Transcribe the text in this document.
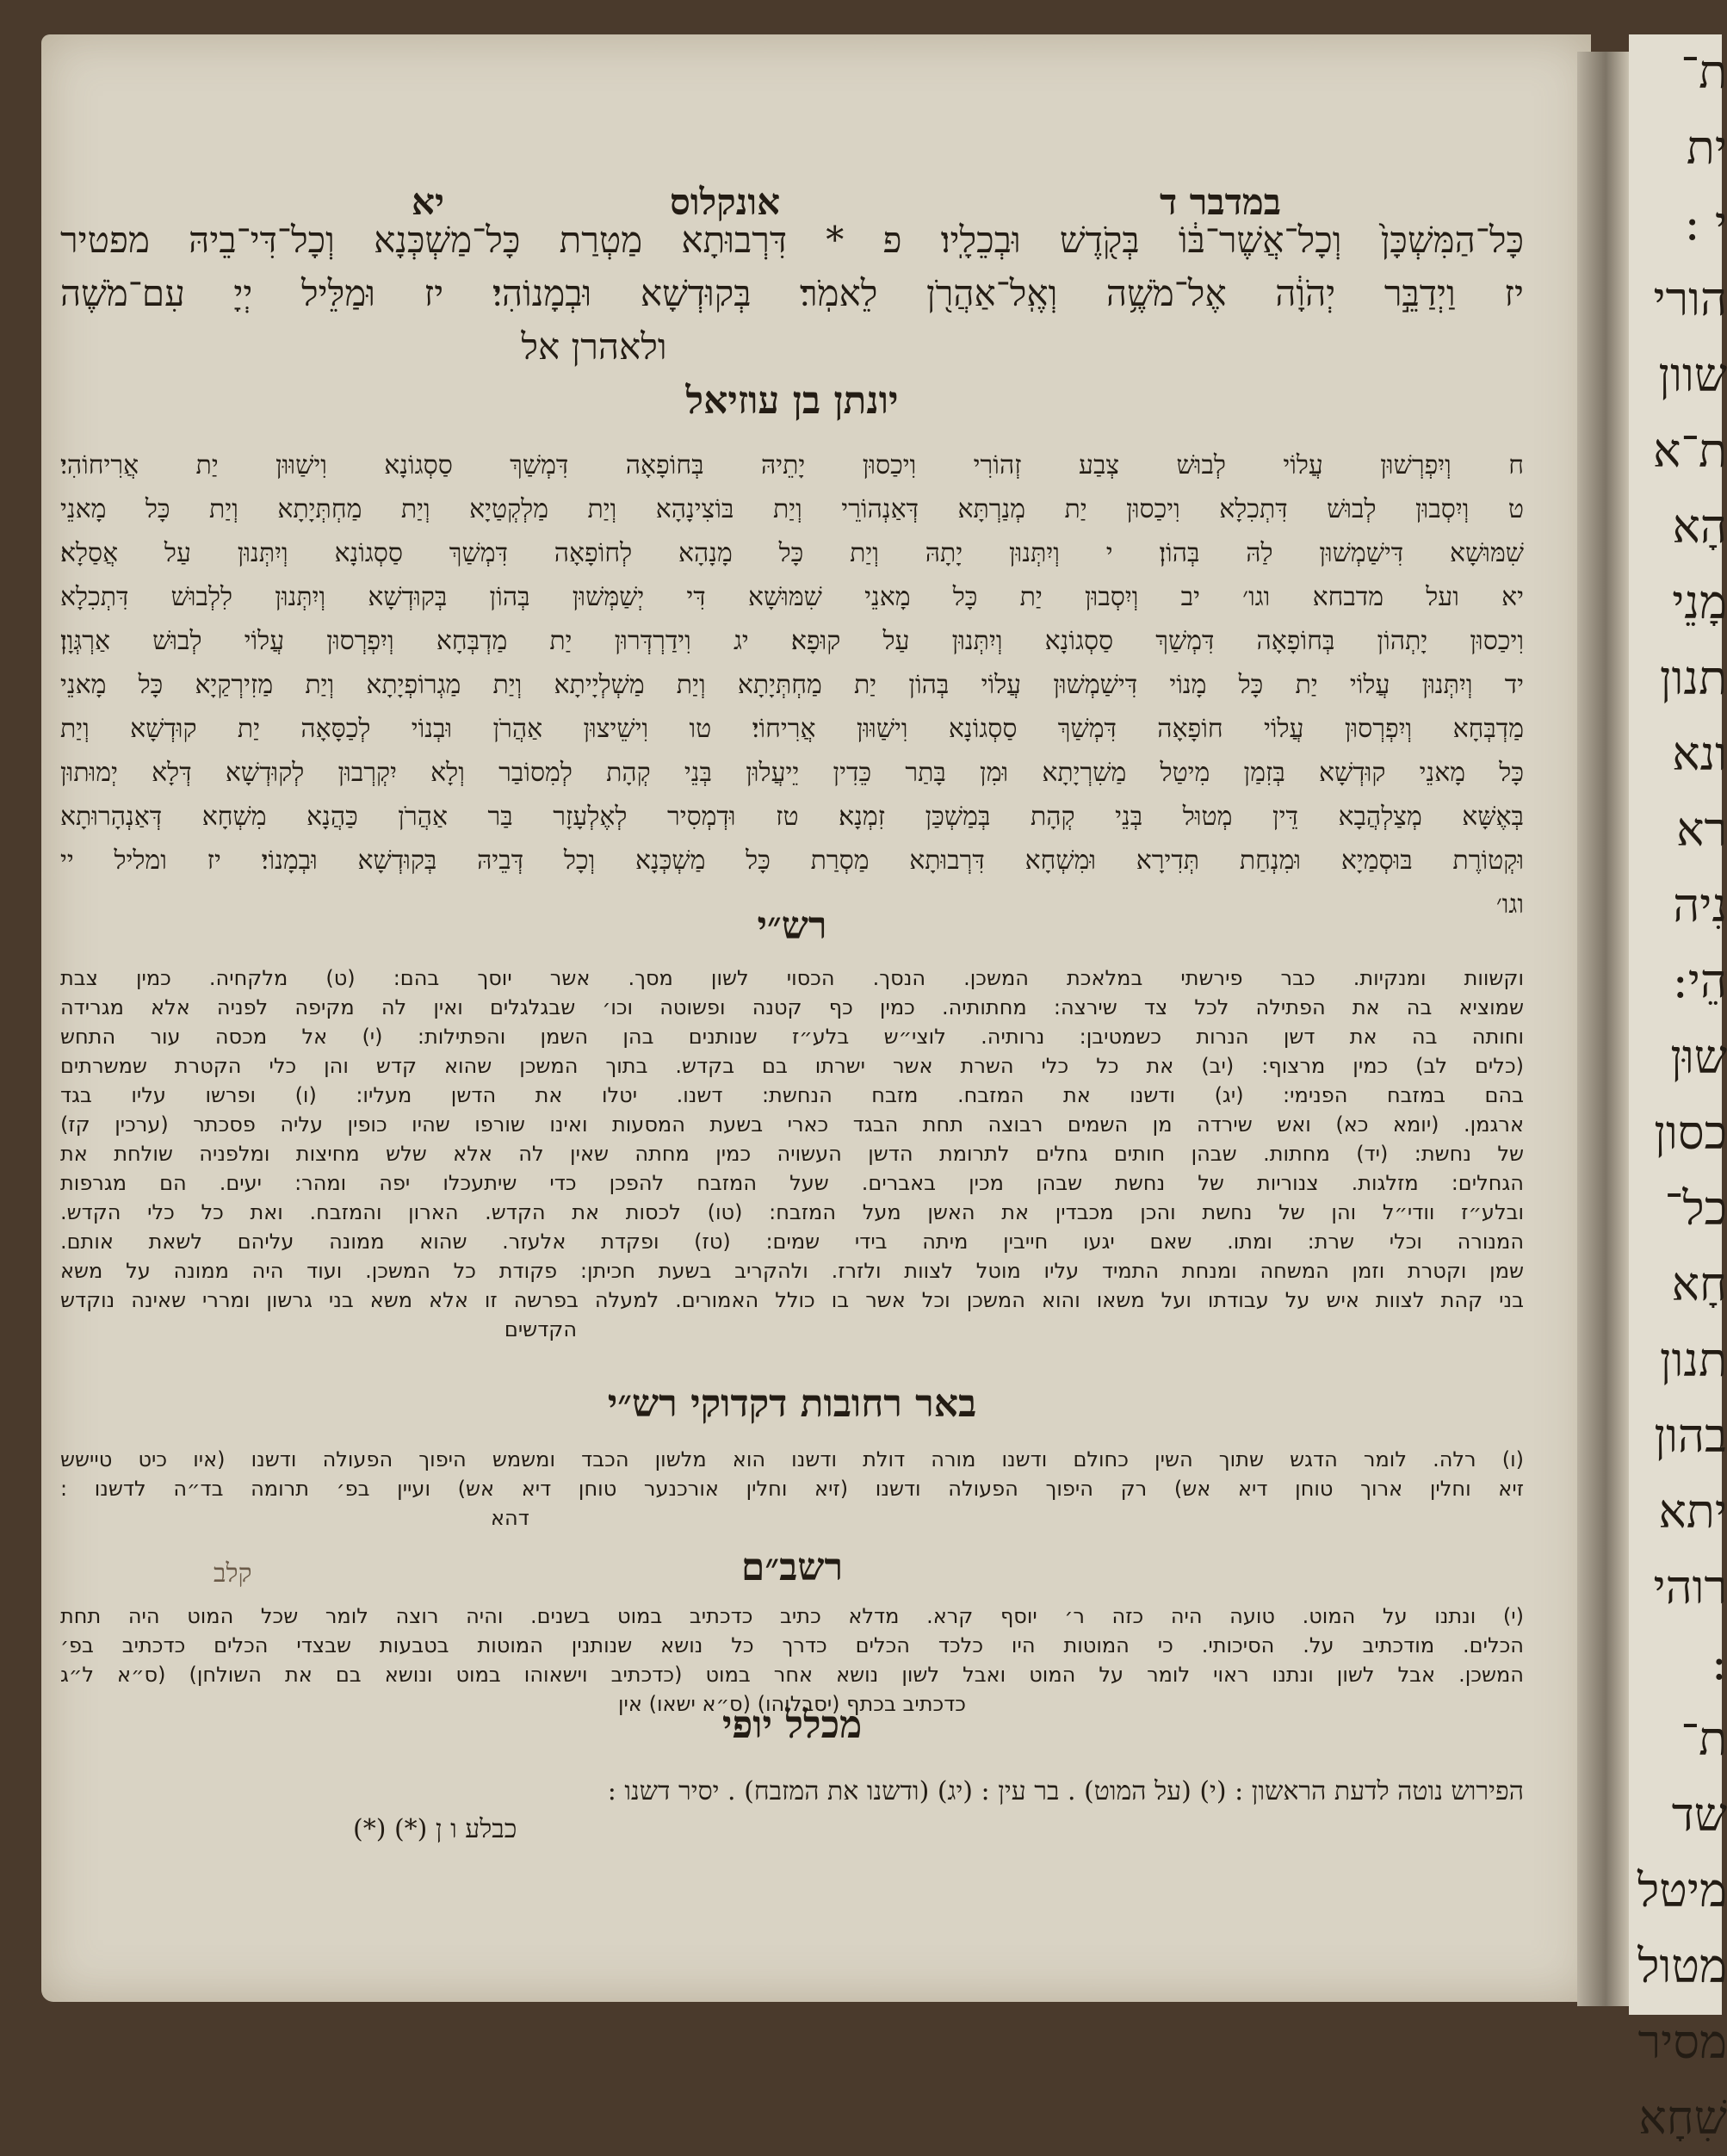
במדבר ד
אונקלוס
יא
ת־
ית
י :
הורי
שוון
ת־א
הָא
מָנֵי
תנון
ונא
רא
נִיה
הֵי:
שוּן
כסון
כל־
חָא
תנון
בהון
יתא
רוהי
:
ת־
שד
מיטל
מטול
מסיר
שִׁחָא
כָּל־הַמִּשְׁכָּן֙ וְכָל־אֲשֶׁר־בּ֔וֹ בְּקֹ֖דֶשׁ וּבְכֵלָֽיו׃ פ * דִּרְבוּתָא מַטְרַת כָּל־מַשְׁכְּנָא וְכָל־דִּי־בֵיהּ מפטיר
יז וַיְדַבֵּ֣ר יְהֹוָ֔ה אֶל־מֹשֶׁ֥ה וְאֶֽל־אַהֲרֹ֖ן לֵאמֹֽר׃ בְּקוּדְשָׁא וּבְמָנוֹהִי׃ יז וּמַלֵּיל יְיָ עִם־מֹשֶׁה
ולאהרן אל
יונתן בן עוזיאל
ח וְיִפְרְשׁוּן עֲלוֹי לְבוּשׁ צְבַע זְהוֹרִי וִיכַסוּן יָתֵיהּ בְּחוֹפָאָה דִּמְשַׁךְ סַסְגוֹנָא וִישַׁוּוּן יַת אֲרִיחוֹהִי׃
ט וְיִסְבוּן לְבוּשׁ דִּתְכִלָא וִיכַסוּן יַת מְנַרְתָּא דְּאַנְהוֹרֵי וְיַת בּוֹצִינָהָא וְיַת מַלְקְטַיָא וְיַת מַחְתְּיָתָא וְיַת כָּל מָאנֵי
שִׁמּוּשָׁא דִּישַׁמְשׁוּן לַהּ בְּהוֹן׃ י וְיִתְּנוּן יָתָהּ וְיַת כָּל מָנָהָא לְחוֹפָאָה דִּמְשַׁךְ סַסְגוֹנָא וְיִתְּנוּן עַל אֲסַלָא׃
יא ועל מדבחא וגו׳ יב וְיִסְבוּן יַת כָּל מָאנֵי שִׁמּוּשָׁא דִּי יְשַׁמְּשׁוּן בְּהוֹן בְּקוּדְשָׁא וְיִתְּנוּן לִלְבוּשׁ דִּתְכִלָא
וִיכַסוּן יָתְהוֹן בְּחוֹפָאָה דִּמְשַׁךְ סַסְגוֹנָא וְיִתְּנוּן עַל קוּפָא׃ יג וִידַרְדְּרוּן יַת מַדְבְּחָא וְיִפְרְסוּן עֲלוֹי לְבוּשׁ אַרְגְּוָן׃
יד וְיִתְּנוּן עֲלוֹי יַת כָּל מָנוֹי דִּישַׁמְשׁוּן עֲלוֹי בְּהוֹן יַת מַחְתְּיָתָא וְיַת מַשְׁלְיָיתָא וְיַת מַגְרוֹפְיָתָא וְיַת מַזִירְקַיָא כָּל מָאנֵי
מַדְבְּחָא וְיִפְרְסוּן עֲלוֹי חוֹפָאָה דִּמְשַׁךְ סַסְגוֹנָא וִישַׁוּוּן אֲרִיחוֹי׃ טו וִישֵׁיצוּן אַהֲרֹן וּבְנוֹי לְכַסָּאָה יַת קוּדְשָׁא וְיַת
כָּל מָאנֵי קוּדְשָׁא בְּזִמַן מִיטַל מַשִׁרְיָתָא וּמִן בָּתַר כֵּדִין יֵיעֲלוּן בְּנֵי קְהָת לְמִסוֹבַר וְלָא יִקְרְבוּן לְקוּדְשָׁא דְּלָא יְמוּתוּן
בְּאֶשָּׁא מְצַלְהֲבָא דֵּין מְטוּל בְּנֵי קְהָת בְּמַשְׁכַּן זִמְנָא׃ טז וּדְמְסִיר לְאֶלְעָזָר בַּר אַהֲרֹן כַּהֲנָא מִשְׁחָא דְּאַנְהָרוּתָא
וּקְטוֹרֶת בּוּסְמַיָא וּמִנְחַת תְּדִירָא וּמִשְׁחָא דִּרְבוּתָא מַסְרַת כָּל מַשְׁכְּנָא וְכָל דְּבֵיהּ בְּקוּדְשָׁא וּבְמָנוֹי׃ יז ומליל יי
וגו׳
רש״י
וקשוות ומנקיות. כבר פירשתי במלאכת המשכן. הנסך. הכסוי לשון מסך. אשר יוסך בהם: (ט) מלקחיה. כמין צבת
שמוציא בה את הפתילה לכל צד שירצה: מחתותיה. כמין כף קטנה ופשוטה וכו׳ שבגלגלים ואין לה מקיפה לפניה אלא מגרידה
וחותה בה את דשן הנרות כשמטיבן: נרותיה. לוצי״ש בלע״ז שנותנים בהן השמן והפתילות: (י) אל מכסה עור התחש
(כלים לב) כמין מרצוף: (יב) את כל כלי השרת אשר ישרתו בם בקדש. בתוך המשכן שהוא קדש והן כלי הקטרת שמשרתים
בהם במזבח הפנימי: (יג) ודשנו את המזבח. מזבח הנחשת: דשנו. יטלו את הדשן מעליו: (ו) ופרשו עליו בגד
ארגמן. (יומא כא) ואש שירדה מן השמים רבוצה תחת הבגד כארי בשעת המסעות ואינו שורפו שהיו כופין עליה פסכתר (ערכין קז)
של נחשת: (יד) מחתות. שבהן חותים גחלים לתרומת הדשן העשויה כמין מחתה שאין לה אלא שלש מחיצות ומלפניה שולחת את
הגחלים: מזלגות. צנוריות של נחשת שבהן מכין באברים. שעל המזבח להפכן כדי שיתעכלו יפה ומהר: יעים. הם מגרפות
ובלע״ז וודי״ל והן של נחשת והכן מכבדין את האשן מעל המזבח: (טו) לכסות את הקדש. הארון והמזבח. ואת כל כלי הקדש.
המנורה וכלי שרת: ומתו. שאם יגעו חייבין מיתה בידי שמים: (טז) ופקדת אלעזר. שהוא ממונה עליהם לשאת אותם.
שמן וקטרת וזמן המשחה ומנחת התמיד עליו מוטל לצוות ולזרז. ולהקריב בשעת חכיתן: פקודת כל המשכן. ועוד היה ממונה על משא
בני קהת לצוות איש על עבודתו ועל משאו והוא המשכן וכל אשר בו כולל האמורים. למעלה בפרשה זו אלא משא בני גרשון ומררי שאינה נוקדש
הקדשים
באר רחובות דקדוקי רש״י
(ו) רלה. לומר הדגש שתוך השין כחולם ודשנו מורה דולת ודשנו הוא מלשון הכבד ומשמש היפוך הפעולה ודשנו (איו כיט טיישש
זיא וחלין ארוך טוחן דיא אש) רק היפוך הפעולה ודשנו (זיא וחלין אורכנער טוחן דיא אש) ועיין בפ׳ תרומה בד״ה לדשנו :
דהא
קלב	רשב״ם
(י) ונתנו על המוט. טועה היה כזה ר׳ יוסף קרא. מדלא כתיב כדכתיב במוט בשנים. והיה רוצה לומר שכל המוט היה תחת
הכלים. מודכתיב על. הסיכותי. כי המוטות היו כלכד הכלים כדרך כל נושא שנותנין המוטות בטבעות שבצדי הכלים כדכתיב בפ׳
המשכן. אבל לשון ונתנו ראוי לומר על המוט ואבל לשון נושא אחר במוט (כדכתיב וישאוהו במוט ונושא בם את השולחן) (ס״א ל״ג
כדכתיב בכתף (יסבלוהו) (ס״א ישאו) אין
מכלל יופי
הפירוש נוטה לדעת הראשון : (י) (על המוט) . בר עין : (יג) (ודשנו את המזבח) . יסיר דשנו :
כבלע ו ן (*) (*)
